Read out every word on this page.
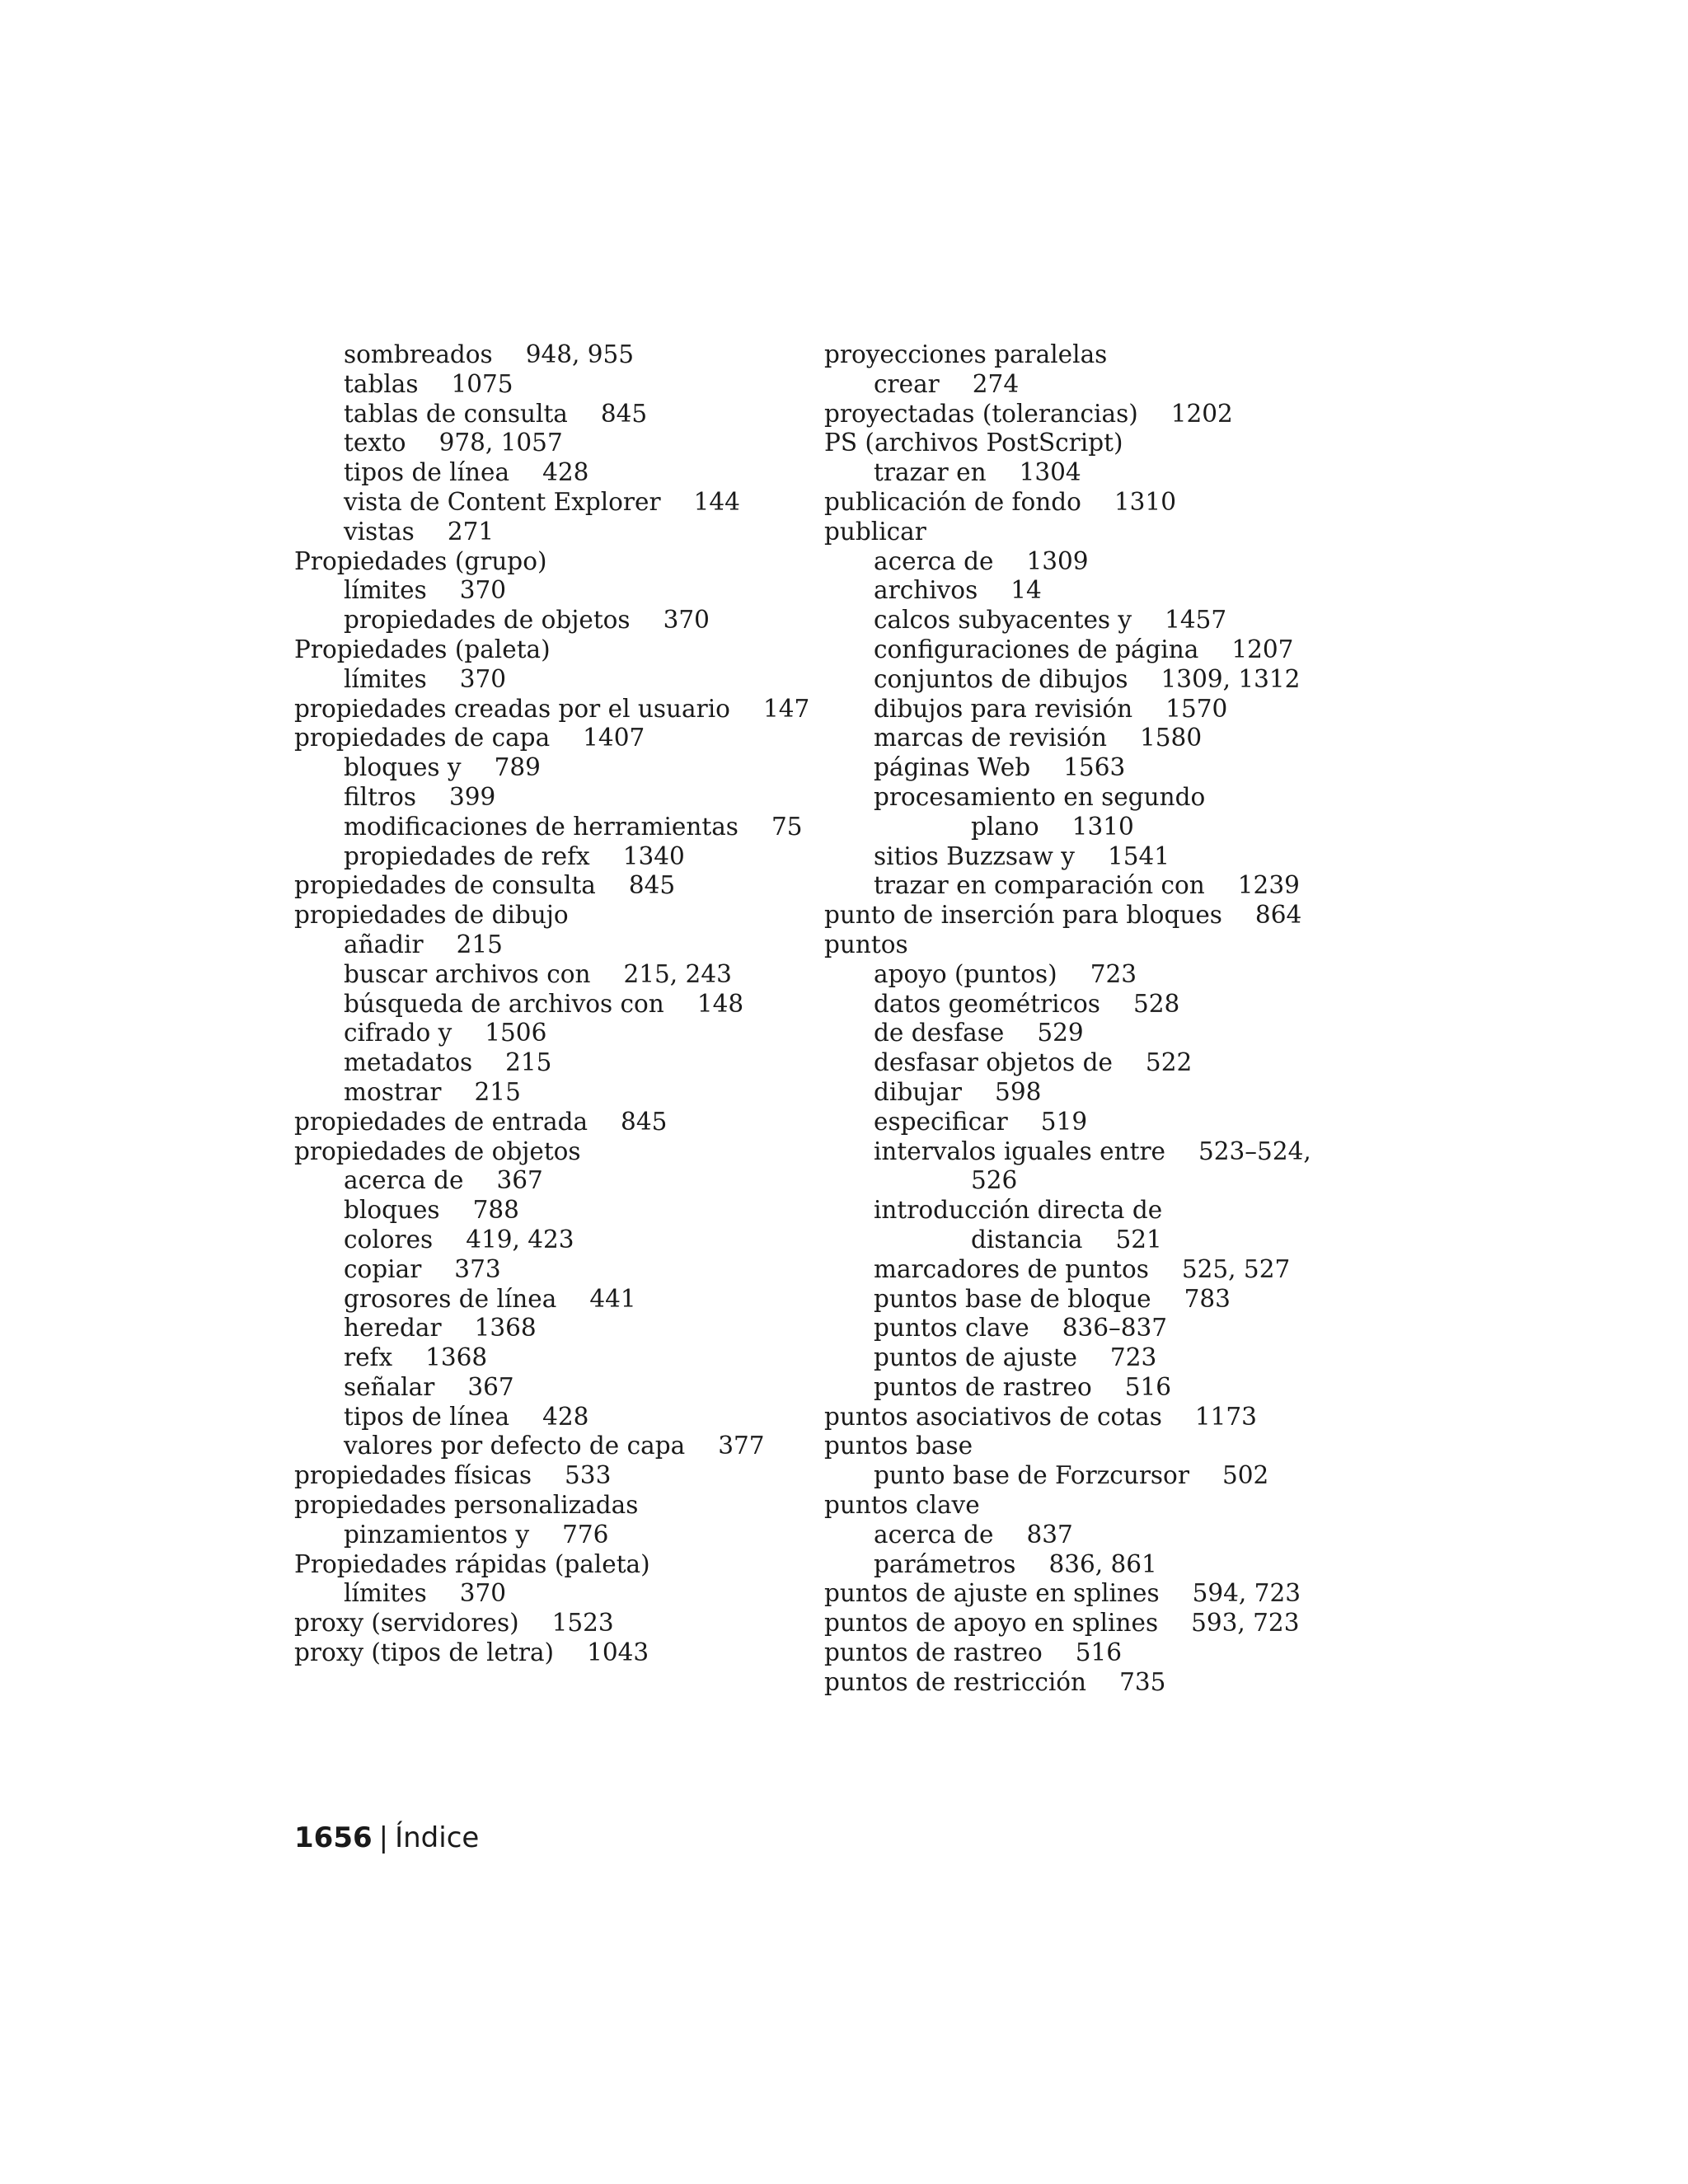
sombreados 948, 955
tablas 1075
tablas de consulta 845
texto 978, 1057
tipos de línea 428
vista de Content Explorer 144
vistas 271
Propiedades (grupo)
límites 370
propiedades de objetos 370
Propiedades (paleta)
límites 370
propiedades creadas por el usuario 147
propiedades de capa 1407
bloques y 789
filtros 399
modificaciones de herramientas 75
propiedades de refx 1340
propiedades de consulta 845
propiedades de dibujo
añadir 215
buscar archivos con 215, 243
búsqueda de archivos con 148
cifrado y 1506
metadatos 215
mostrar 215
propiedades de entrada 845
propiedades de objetos
acerca de 367
bloques 788
colores 419, 423
copiar 373
grosores de línea 441
heredar 1368
refx 1368
señalar 367
tipos de línea 428
valores por defecto de capa 377
propiedades físicas 533
propiedades personalizadas
pinzamientos y 776
Propiedades rápidas (paleta)
límites 370
proxy (servidores) 1523
proxy (tipos de letra) 1043
proyecciones paralelas
crear 274
proyectadas (tolerancias) 1202
PS (archivos PostScript)
trazar en 1304
publicación de fondo 1310
publicar
acerca de 1309
archivos 14
calcos subyacentes y 1457
configuraciones de página 1207
conjuntos de dibujos 1309, 1312
dibujos para revisión 1570
marcas de revisión 1580
páginas Web 1563
procesamiento en segundo
plano 1310
sitios Buzzsaw y 1541
trazar en comparación con 1239
punto de inserción para bloques 864
puntos
apoyo (puntos) 723
datos geométricos 528
de desfase 529
desfasar objetos de 522
dibujar 598
especificar 519
intervalos iguales entre 523–524,
526
introducción directa de
distancia 521
marcadores de puntos 525, 527
puntos base de bloque 783
puntos clave 836–837
puntos de ajuste 723
puntos de rastreo 516
puntos asociativos de cotas 1173
puntos base
punto base de Forzcursor 502
puntos clave
acerca de 837
parámetros 836, 861
puntos de ajuste en splines 594, 723
puntos de apoyo en splines 593, 723
puntos de rastreo 516
puntos de restricción 735
1656 | Índice
